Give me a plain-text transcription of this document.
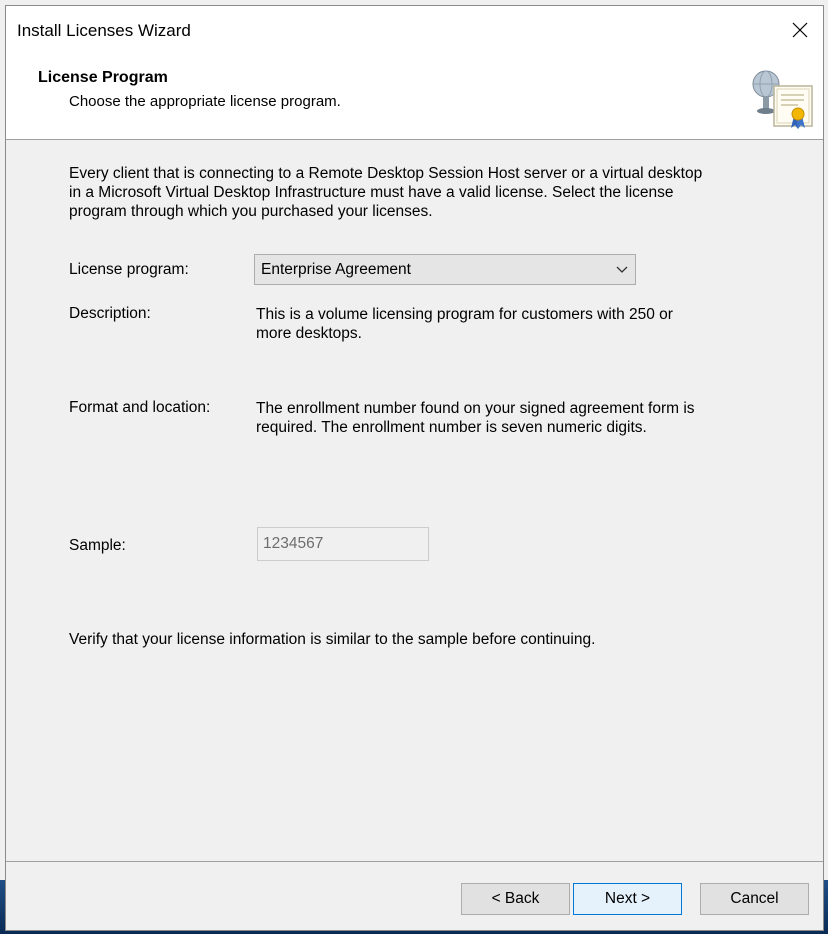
Install Licenses Wizard
License Program
Choose the appropriate license program.
Every client that is connecting to a Remote Desktop Session Host server or a virtual desktop in a Microsoft Virtual Desktop Infrastructure must have a valid license. Select the license program through which you purchased your licenses.
License program:	Enterprise Agreement
Description:	This is a volume licensing program for customers with 250 or more desktops.
Format and location:	The enrollment number found on your signed agreement form is required. The enrollment number is seven numeric digits.
Sample:	1234567
Verify that your license information is similar to the sample before continuing.
< Back	Next >	Cancel
